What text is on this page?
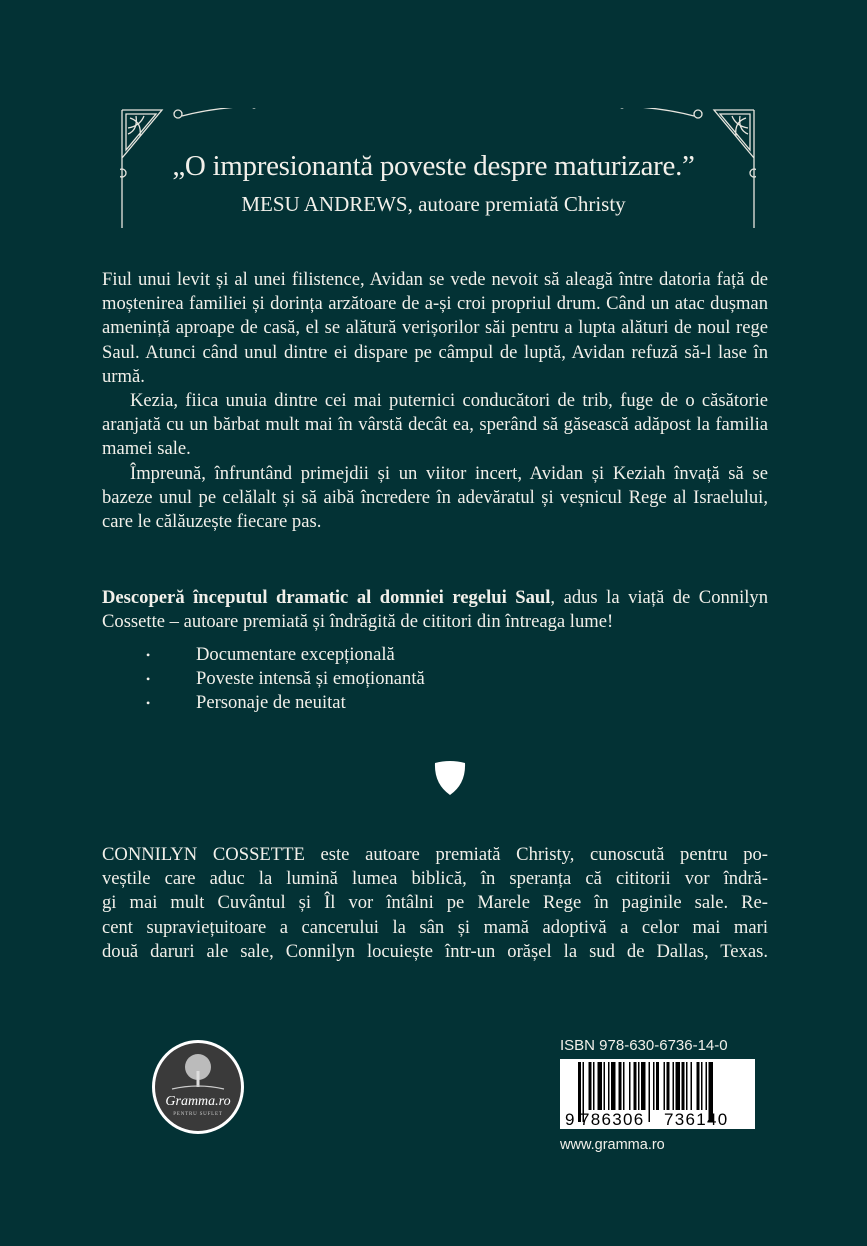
„O impresionantă poveste despre maturizare.”
MESU ANDREWS, autoare premiată Christy

Fiul unui levit și al unei filistence, Avidan se vede nevoit să aleagă între datoria față de moștenirea familiei și dorința arzătoare de a-și croi propriul drum. Când un atac dușman amenință aproape de casă, el se alătură verișorilor săi pentru a lupta alături de noul rege Saul. Atunci când unul dintre ei dispare pe câmpul de luptă, Avidan refuză să-l lase în urmă.

Kezia, fiica unuia dintre cei mai puternici conducători de trib, fuge de o căsătorie aranjată cu un bărbat mult mai în vârstă decât ea, sperând să găsească adăpost la familia mamei sale.

Împreună, înfruntând primejdii și un viitor incert, Avidan și Keziah învață să se bazeze unul pe celălalt și să aibă încredere în adevăratul și veșnicul Rege al Israelului, care le călăuzește fiecare pas.

Descoperă începutul dramatic al domniei regelui Saul, adus la viață de Connilyn Cossette – autoare premiată și îndrăgită de cititori din întreaga lume!
• Documentare excepțională
• Poveste intensă și emoționantă
• Personaje de neuitat
CONNILYN COSSETTE este autoare premiată Christy, cunoscută pentru po-
veștile care aduc la lumină lumea biblică, în speranța că cititorii vor îndră-
gi mai mult Cuvântul și Îl vor întâlni pe Marele Rege în paginile sale. Re-
cent supraviețuitoare a cancerului la sân și mamă adoptivă a celor mai mari
două daruri ale sale, Connilyn locuiește într-un orășel la sud de Dallas, Texas.
Gramma.ro
PENTRU SUFLET
ISBN 978-630-6736-14-0
9 786306 736140
www.gramma.ro
